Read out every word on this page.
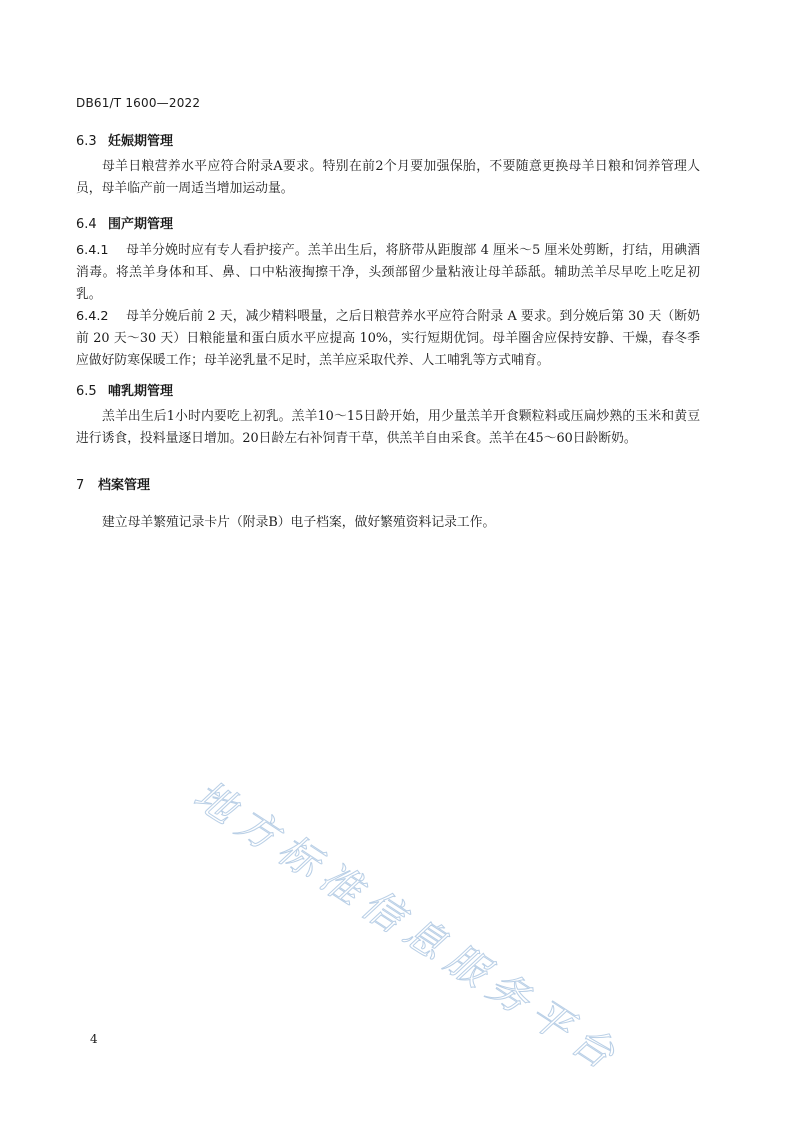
DB61/T 1600—2022
6.3 妊娠期管理

母羊日粮营养水平应符合附录A要求。特别在前2个月要加强保胎，不要随意更换母羊日粮和饲养管理人员，母羊临产前一周适当增加运动量。

6.4 围产期管理

6.4.1 母羊分娩时应有专人看护接产。羔羊出生后，将脐带从距腹部 4 厘米～5 厘米处剪断，打结，用碘酒消毒。将羔羊身体和耳、鼻、口中粘液掏擦干净，头颈部留少量粘液让母羊舔舐。辅助羔羊尽早吃上吃足初乳。

6.4.2 母羊分娩后前 2 天，减少精料喂量，之后日粮营养水平应符合附录 A 要求。到分娩后第 30 天（断奶前 20 天～30 天）日粮能量和蛋白质水平应提高 10%，实行短期优饲。母羊圈舍应保持安静、干燥，春冬季应做好防寒保暖工作；母羊泌乳量不足时，羔羊应采取代养、人工哺乳等方式哺育。

6.5 哺乳期管理

羔羊出生后1小时内要吃上初乳。羔羊10～15日龄开始，用少量羔羊开食颗粒料或压扁炒熟的玉米和黄豆进行诱食，投料量逐日增加。20日龄左右补饲青干草，供羔羊自由采食。羔羊在45～60日龄断奶。

7 档案管理

建立母羊繁殖记录卡片（附录B）电子档案，做好繁殖资料记录工作。

地方标准信息服务平台
4
